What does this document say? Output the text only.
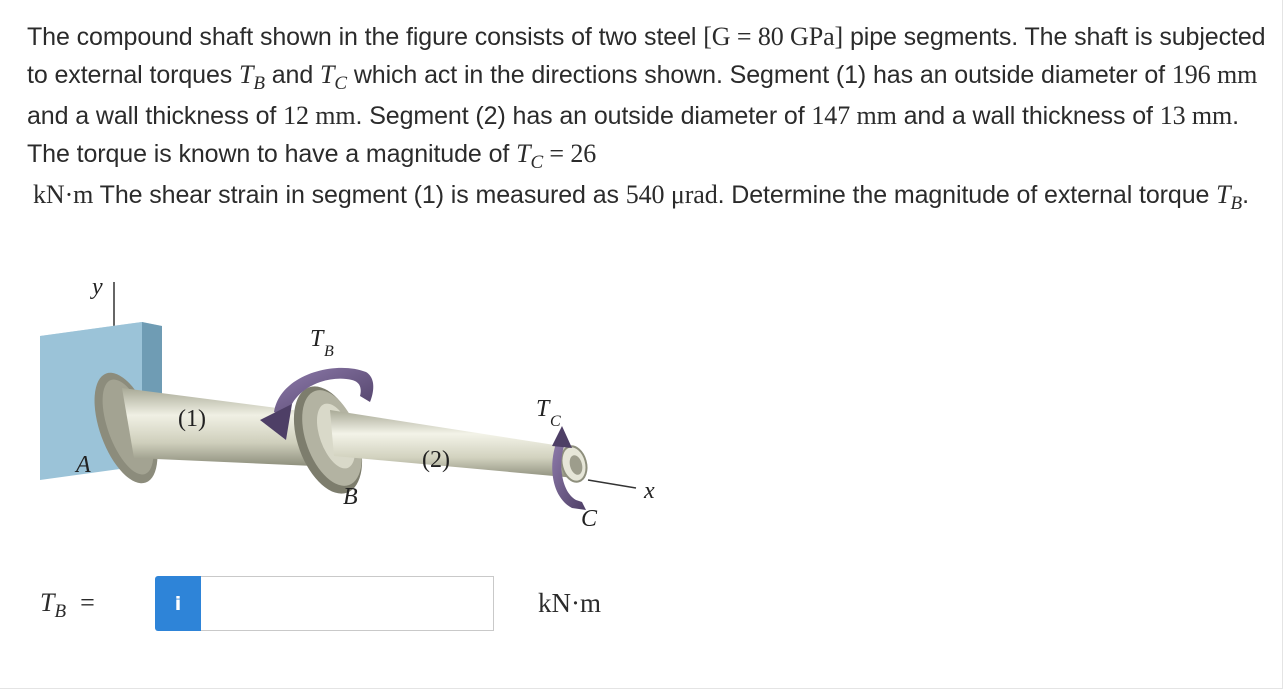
The compound shaft shown in the figure consists of two steel [G = 80 GPa] pipe segments. The shaft is subjected to external torques $T_B$ and $T_C$ which act in the directions shown. Segment (1) has an outside diameter of 196 mm and a wall thickness of 12 mm. Segment (2) has an outside diameter of 147 mm and a wall thickness of 13 mm. The torque is known to have a magnitude of $T_C = 26$
kN·m The shear strain in segment (1) is measured as 540 μrad. Determine the magnitude of external torque $T_B$.
y
A
(1)
B
T B
(2)
T C
C
x
$T_B$ =	i	kN·m
